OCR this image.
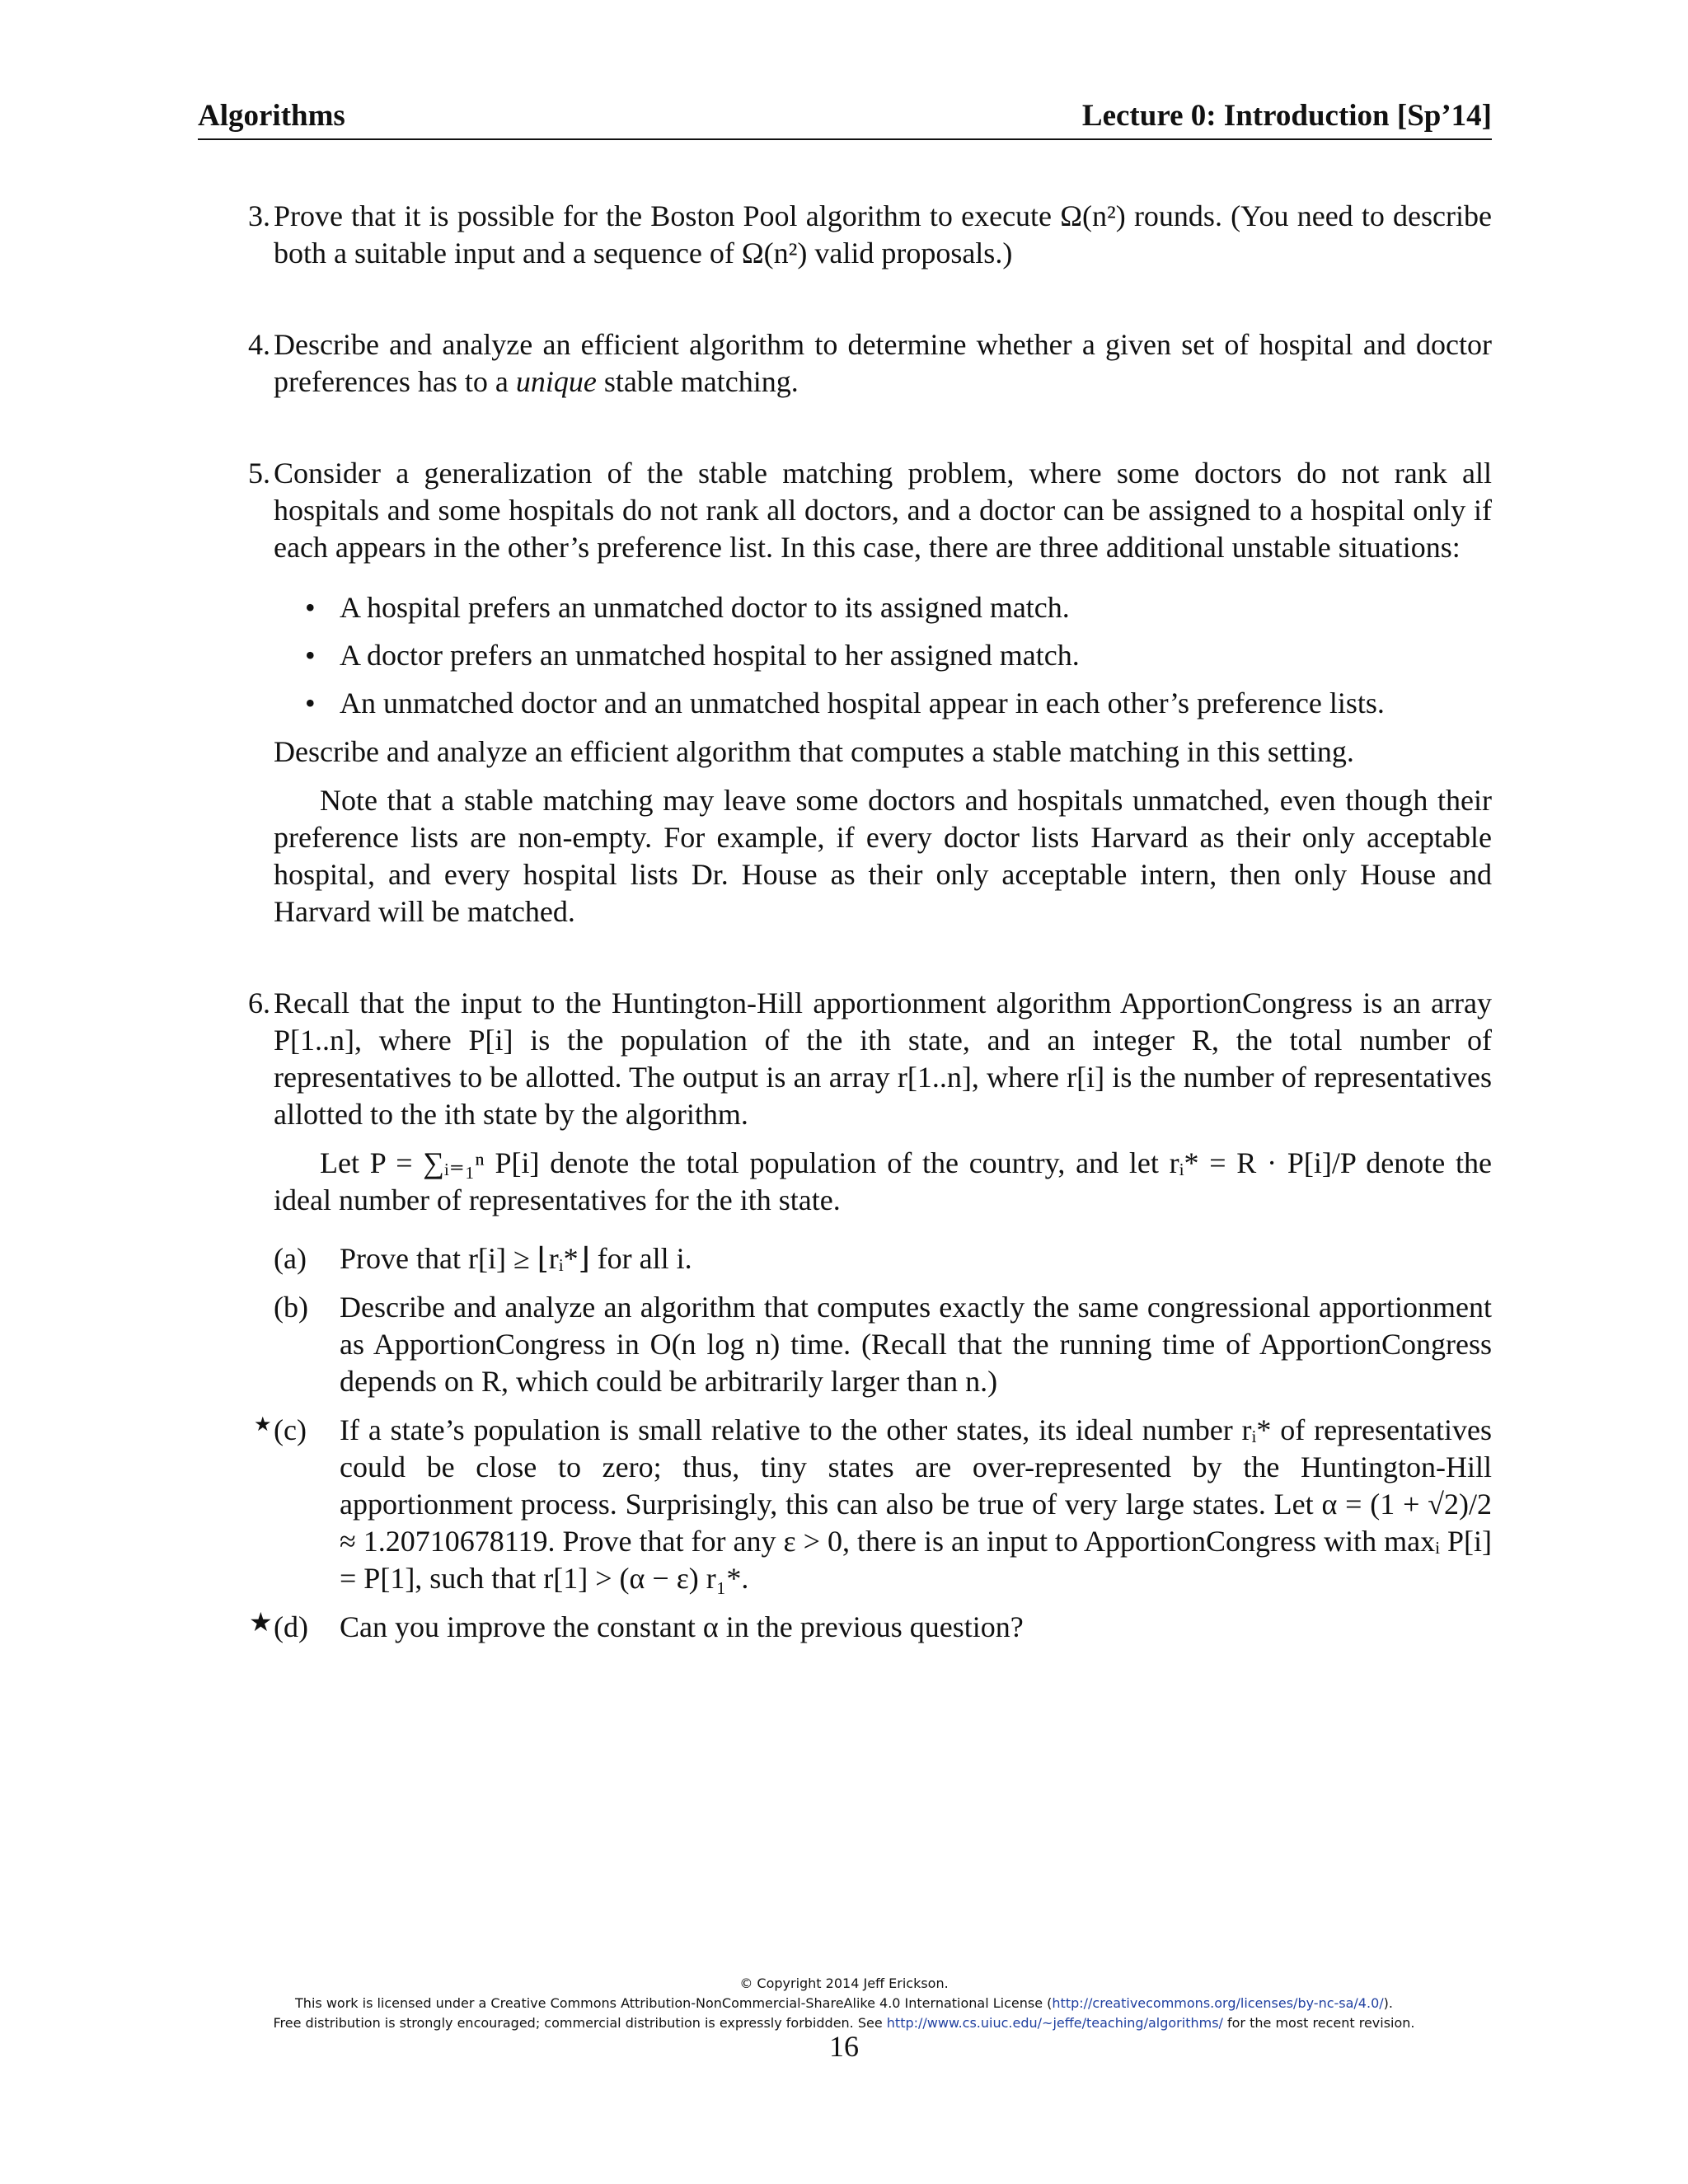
Algorithms	Lecture 0: Introduction [Sp’14]
3. Prove that it is possible for the Boston Pool algorithm to execute Ω(n²) rounds. (You need to describe both a suitable input and a sequence of Ω(n²) valid proposals.)

4. Describe and analyze an efficient algorithm to determine whether a given set of hospital and doctor preferences has to a unique stable matching.

5. Consider a generalization of the stable matching problem, where some doctors do not rank all hospitals and some hospitals do not rank all doctors, and a doctor can be assigned to a hospital only if each appears in the other’s preference list. In this case, there are three additional unstable situations:

• A hospital prefers an unmatched doctor to its assigned match.
• A doctor prefers an unmatched hospital to her assigned match.
• An unmatched doctor and an unmatched hospital appear in each other’s preference lists.

Describe and analyze an efficient algorithm that computes a stable matching in this setting.

Note that a stable matching may leave some doctors and hospitals unmatched, even though their preference lists are non-empty. For example, if every doctor lists Harvard as their only acceptable hospital, and every hospital lists Dr. House as their only acceptable intern, then only House and Harvard will be matched.

6. Recall that the input to the Huntington-Hill apportionment algorithm ApportionCongress is an array P[1..n], where P[i] is the population of the ith state, and an integer R, the total number of representatives to be allotted. The output is an array r[1..n], where r[i] is the number of representatives allotted to the ith state by the algorithm.

Let P = ∑ᵢ₌₁ⁿ P[i] denote the total population of the country, and let rᵢ* = R · P[i]/P denote the ideal number of representatives for the ith state.

(a)	Prove that r[i] ≥ ⌊rᵢ*⌋ for all i.
(b)	Describe and analyze an algorithm that computes exactly the same congressional apportionment as ApportionCongress in O(n log n) time. (Recall that the running time of ApportionCongress depends on R, which could be arbitrarily larger than n.)
★ (c)	If a state’s population is small relative to the other states, its ideal number rᵢ* of representatives could be close to zero; thus, tiny states are over-represented by the Huntington-Hill apportionment process. Surprisingly, this can also be true of very large states. Let α = (1 + √2)/2 ≈ 1.20710678119. Prove that for any ε > 0, there is an input to ApportionCongress with maxᵢ P[i] = P[1], such that r[1] > (α − ε) r₁*.
★ (d)	Can you improve the constant α in the previous question?
© Copyright 2014 Jeff Erickson.
This work is licensed under a Creative Commons Attribution-NonCommercial-ShareAlike 4.0 International License (http://creativecommons.org/licenses/by-nc-sa/4.0/).
Free distribution is strongly encouraged; commercial distribution is expressly forbidden. See http://www.cs.uiuc.edu/~jeffe/teaching/algorithms/ for the most recent revision.
16
